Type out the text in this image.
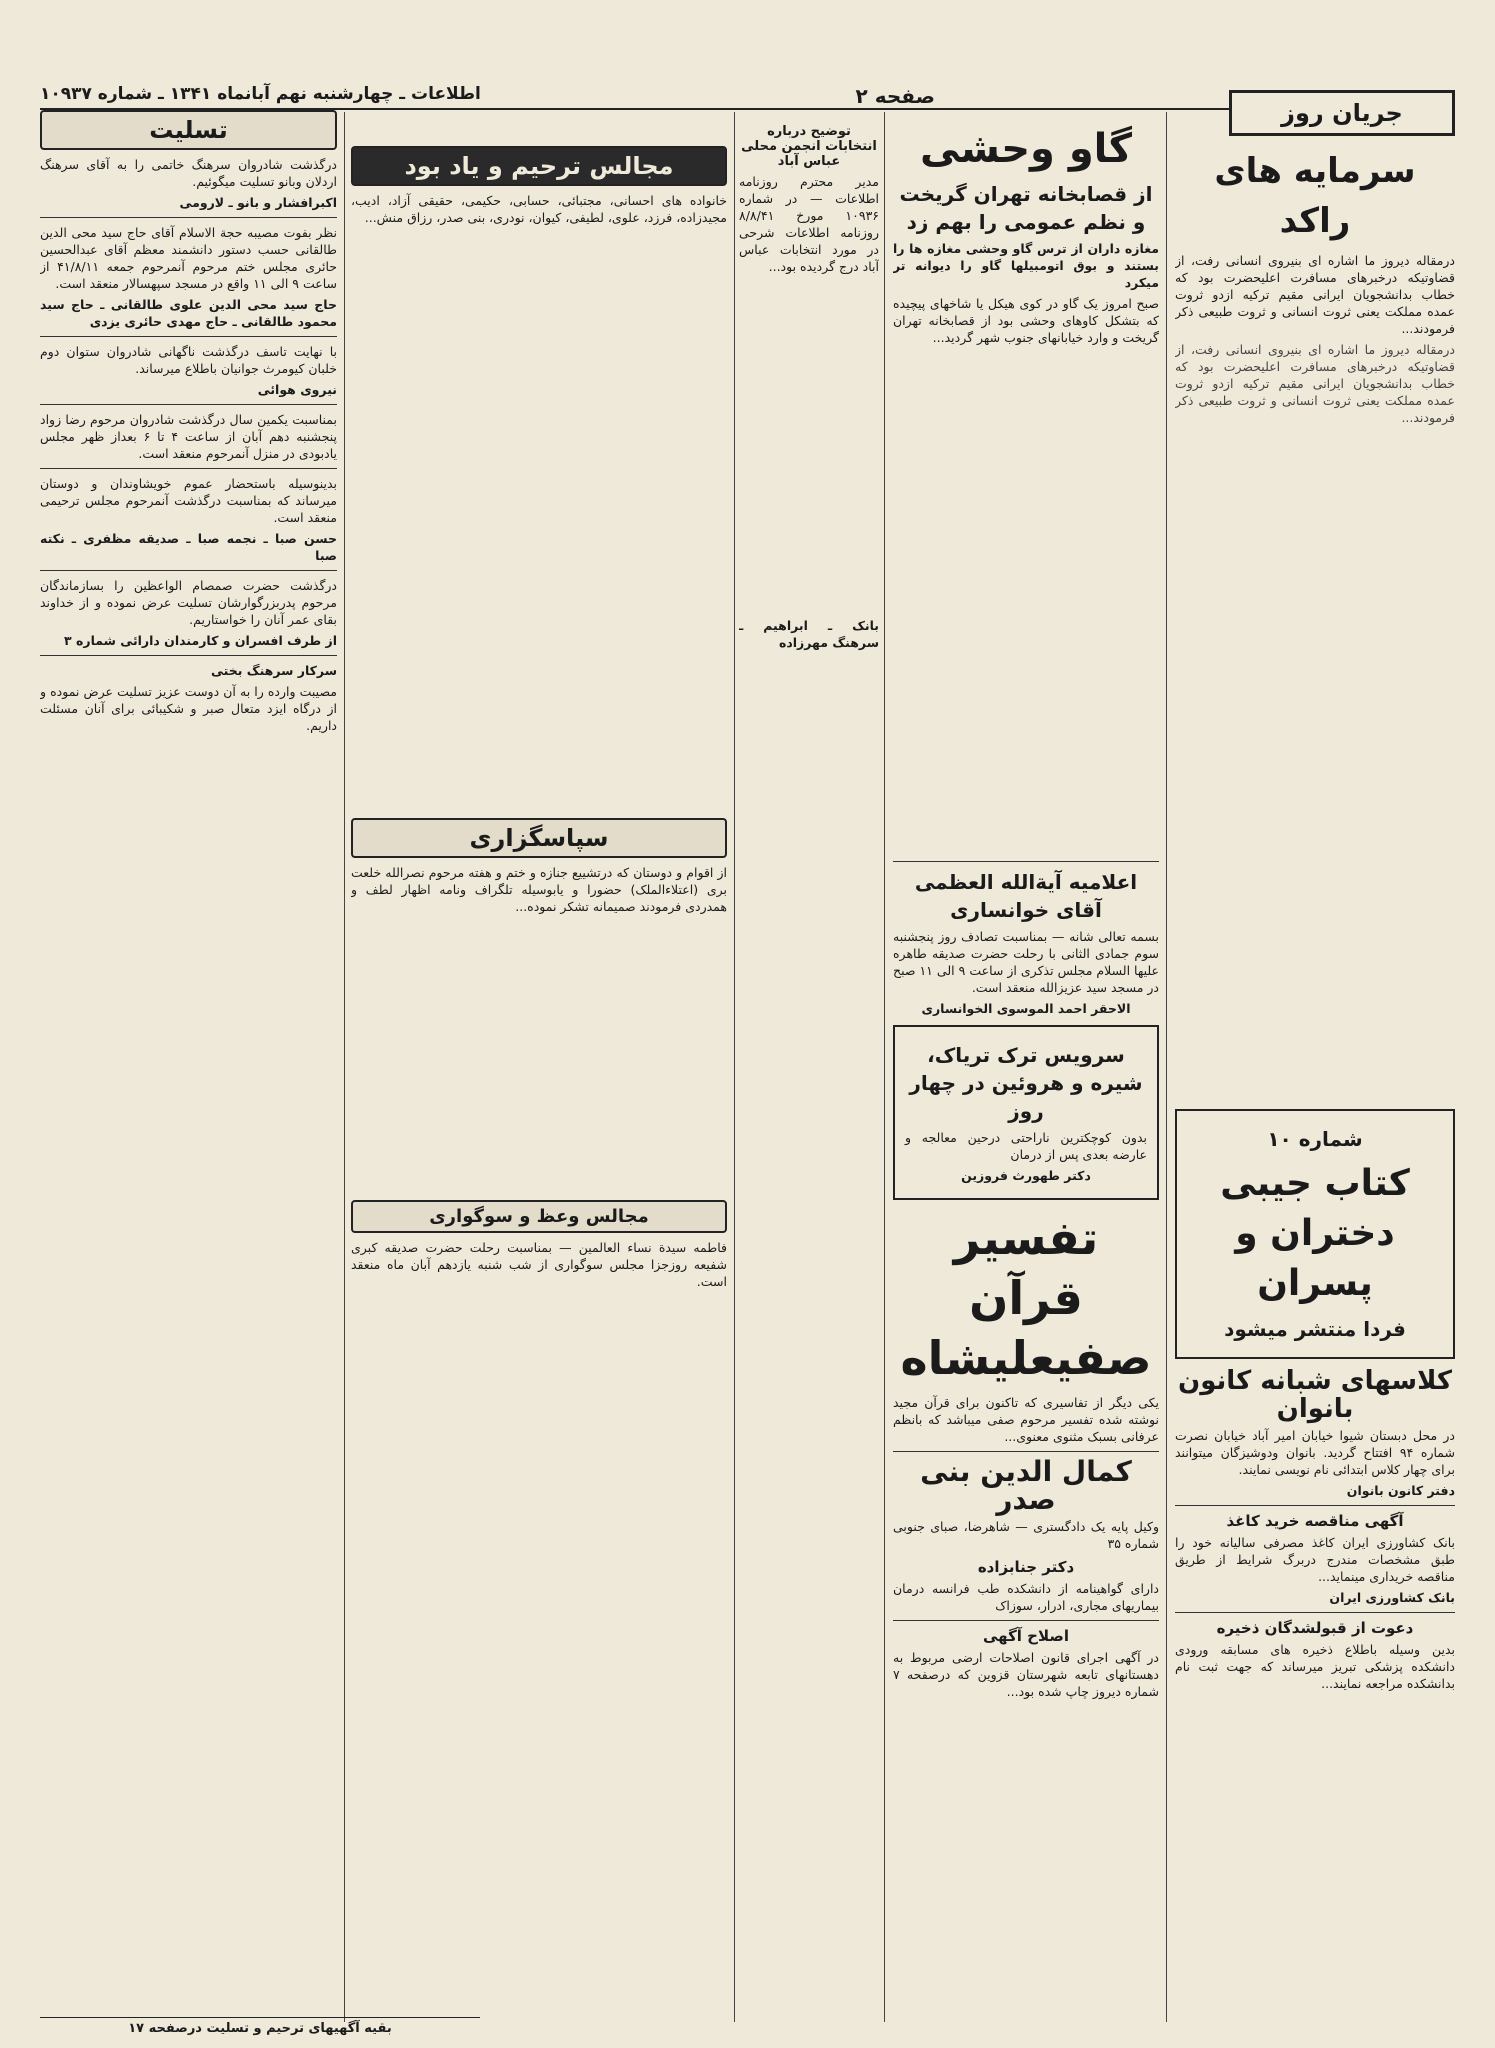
صفحه ۲
اطلاعات ـ چهارشنبه نهم آبانماه ۱۳۴۱ ـ شماره ۱۰۹۳۷
جریان روز
سرمایه های راکد

درمقاله دیروز ما اشاره ای بنیروی انسانی رفت، از قضاوتیکه درخبرهای مسافرت اعلیحضرت بود که خطاب بدانشجویان ایرانی مقیم ترکیه ازدو ثروت عمده مملکت یعنی ثروت انسانی و ثروت طبیعی ذکر فرمودند...

درمقاله دیروز ما اشاره ای بنیروی انسانی رفت، از قضاوتیکه درخبرهای مسافرت اعلیحضرت بود که خطاب بدانشجویان ایرانی مقیم ترکیه ازدو ثروت عمده مملکت یعنی ثروت انسانی و ثروت طبیعی ذکر فرمودند...

شماره ۱۰
کتاب جیبی دختران و پسران
فردا منتشر میشود
کلاسهای شبانه کانون بانوان

در محل دبستان شیوا خیابان امیر آباد خیابان نصرت شماره ۹۴ افتتاح گردید. بانوان ودوشیزگان میتوانند برای چهار کلاس ابتدائی نام نویسی نمایند.

دفتر کانون بانوان

آگهی مناقصه خرید کاغذ

بانک کشاورزی ایران کاغذ مصرفی سالیانه خود را طبق مشخصات مندرج دربرگ شرایط از طریق مناقصه خریداری مینماید...

بانک کشاورزی ایران

دعوت از قبولشدگان ذخیره

بدین وسیله باطلاع ذخیره های مسابقه ورودی دانشکده پزشکی تبریز میرساند که جهت ثبت نام بدانشکده مراجعه نمایند...

گاو وحشی
از قصابخانه تهران گریخت و نظم عمومی را بهم زد

مغازه داران از ترس گاو وحشی مغازه ها را بستند و بوق اتومبیلها گاو را دیوانه تر میکرد

صبح امروز یک گاو در کوی هیکل یا شاخهای پیچیده که بتشکل کاوهای وحشی بود از قصابخانه تهران گریخت و وارد خیابانهای جنوب شهر گردید...

اعلامیه آیةالله العظمی آقای خوانساری

بسمه تعالی شانه — بمناسبت تصادف روز پنجشنبه سوم جمادی الثانی با رحلت حضرت صدیقه طاهره علیها السلام مجلس تذکری از ساعت ۹ الی ۱۱ صبح در مسجد سید عزیزالله منعقد است.

الاحقر احمد الموسوی الخوانساری

سرویس ترک تریاک، شیره و هروئین در چهار روز

بدون کوچکترین ناراحتی درحین معالجه و عارضه بعدی پس از درمان

دکتر طهورث فروزین

تفسیر قرآن صفیعلیشاه

یکی دیگر از تفاسیری که تاکنون برای قرآن مجید نوشته شده تفسیر مرحوم صفی میباشد که بانظم عرفانی بسبک مثنوی معنوی...

کمال الدین بنی صدر

وکیل پایه یک دادگستری — شاهرضا، صبای جنوبی شماره ۳۵

دکتر جنابزاده

دارای گواهینامه از دانشکده طب فرانسه درمان بیماریهای مجاری، ادرار، سوزاک

اصلاح آگهی

در آگهی اجرای قانون اصلاحات ارضی مربوط به دهستانهای تابعه شهرستان قزوین که درصفحه ۷ شماره دیروز چاپ شده بود...

توضیح درباره انتخابات انجمن محلی عباس آباد

مدیر محترم روزنامه اطلاعات — در شماره ۱۰۹۳۶ مورخ ۸/۸/۴۱ روزنامه اطلاعات شرحی در مورد انتخابات عباس آباد درج گردیده بود...

بانک ـ ابراهیم ـ سرهنگ مهرزاده

مجالس ترحیم و یاد بود

خانواده های احسانی، مجتبائی، حسابی، حکیمی، حقیقی آزاد، ادیب، مجیدزاده، فرزد، علوی، لطیفی، کیوان، نودری، بنی صدر، رزاق منش...

سپاسگزاری

از اقوام و دوستان که درتشییع جنازه و ختم و هفته مرحوم نصرالله خلعت بری (اعتلاءالملک) حضورا و یابوسیله تلگراف ونامه اظهار لطف و همدردی فرمودند صمیمانه تشکر نموده...

مجالس وعظ و سوگواری

فاطمه سیدة نساء العالمین — بمناسبت رحلت حضرت صدیقه کبری شفیعه روزجزا مجلس سوگواری از شب شنبه یازدهم آبان ماه منعقد است.

تسلیت

درگذشت شادروان سرهنگ خاتمی را به آقای سرهنگ اردلان وبانو تسلیت میگوئیم.

اکبرافشار و بانو ـ لارومی

نظر بفوت مصیبه حجة الاسلام آقای حاج سید محی الدین طالقانی حسب دستور دانشمند معظم آقای عبدالحسین حائری مجلس ختم مرحوم آنمرحوم جمعه ۴۱/۸/۱۱ از ساعت ۹ الی ۱۱ واقع در مسجد سپهسالار منعقد است.

حاج سید محی الدین علوی طالقانی ـ حاج سید محمود طالقانی ـ حاج مهدی حائری یزدی

با نهایت تاسف درگذشت ناگهانی شادروان ستوان دوم خلبان کیومرث جوانیان باطلاع میرساند.

نیروی هوائی

بمناسبت یکمین سال درگذشت شادروان مرحوم رضا زواد پنجشنبه دهم آبان از ساعت ۴ تا ۶ بعداز ظهر مجلس یادبودی در منزل آنمرحوم منعقد است.

بدینوسیله باستحضار عموم خویشاوندان و دوستان میرساند که بمناسبت درگذشت آنمرحوم مجلس ترحیمی منعقد است.

حسن صبا ـ نجمه صبا ـ صدیقه مظفری ـ نکته صبا

درگذشت حضرت صمصام الواعظین را بسازماندگان مرحوم پدربزرگوارشان تسلیت عرض نموده و از خداوند بقای عمر آنان را خواستاریم.

از طرف افسران و کارمندان دارائی شماره ۳

سرکار سرهنگ بختی

مصیبت وارده را به آن دوست عزیز تسلیت عرض نموده و از درگاه ایزد متعال صبر و شکیبائی برای آنان مسئلت داریم.

بقیه آگهیهای ترحیم و تسلیت درصفحه ۱۷
